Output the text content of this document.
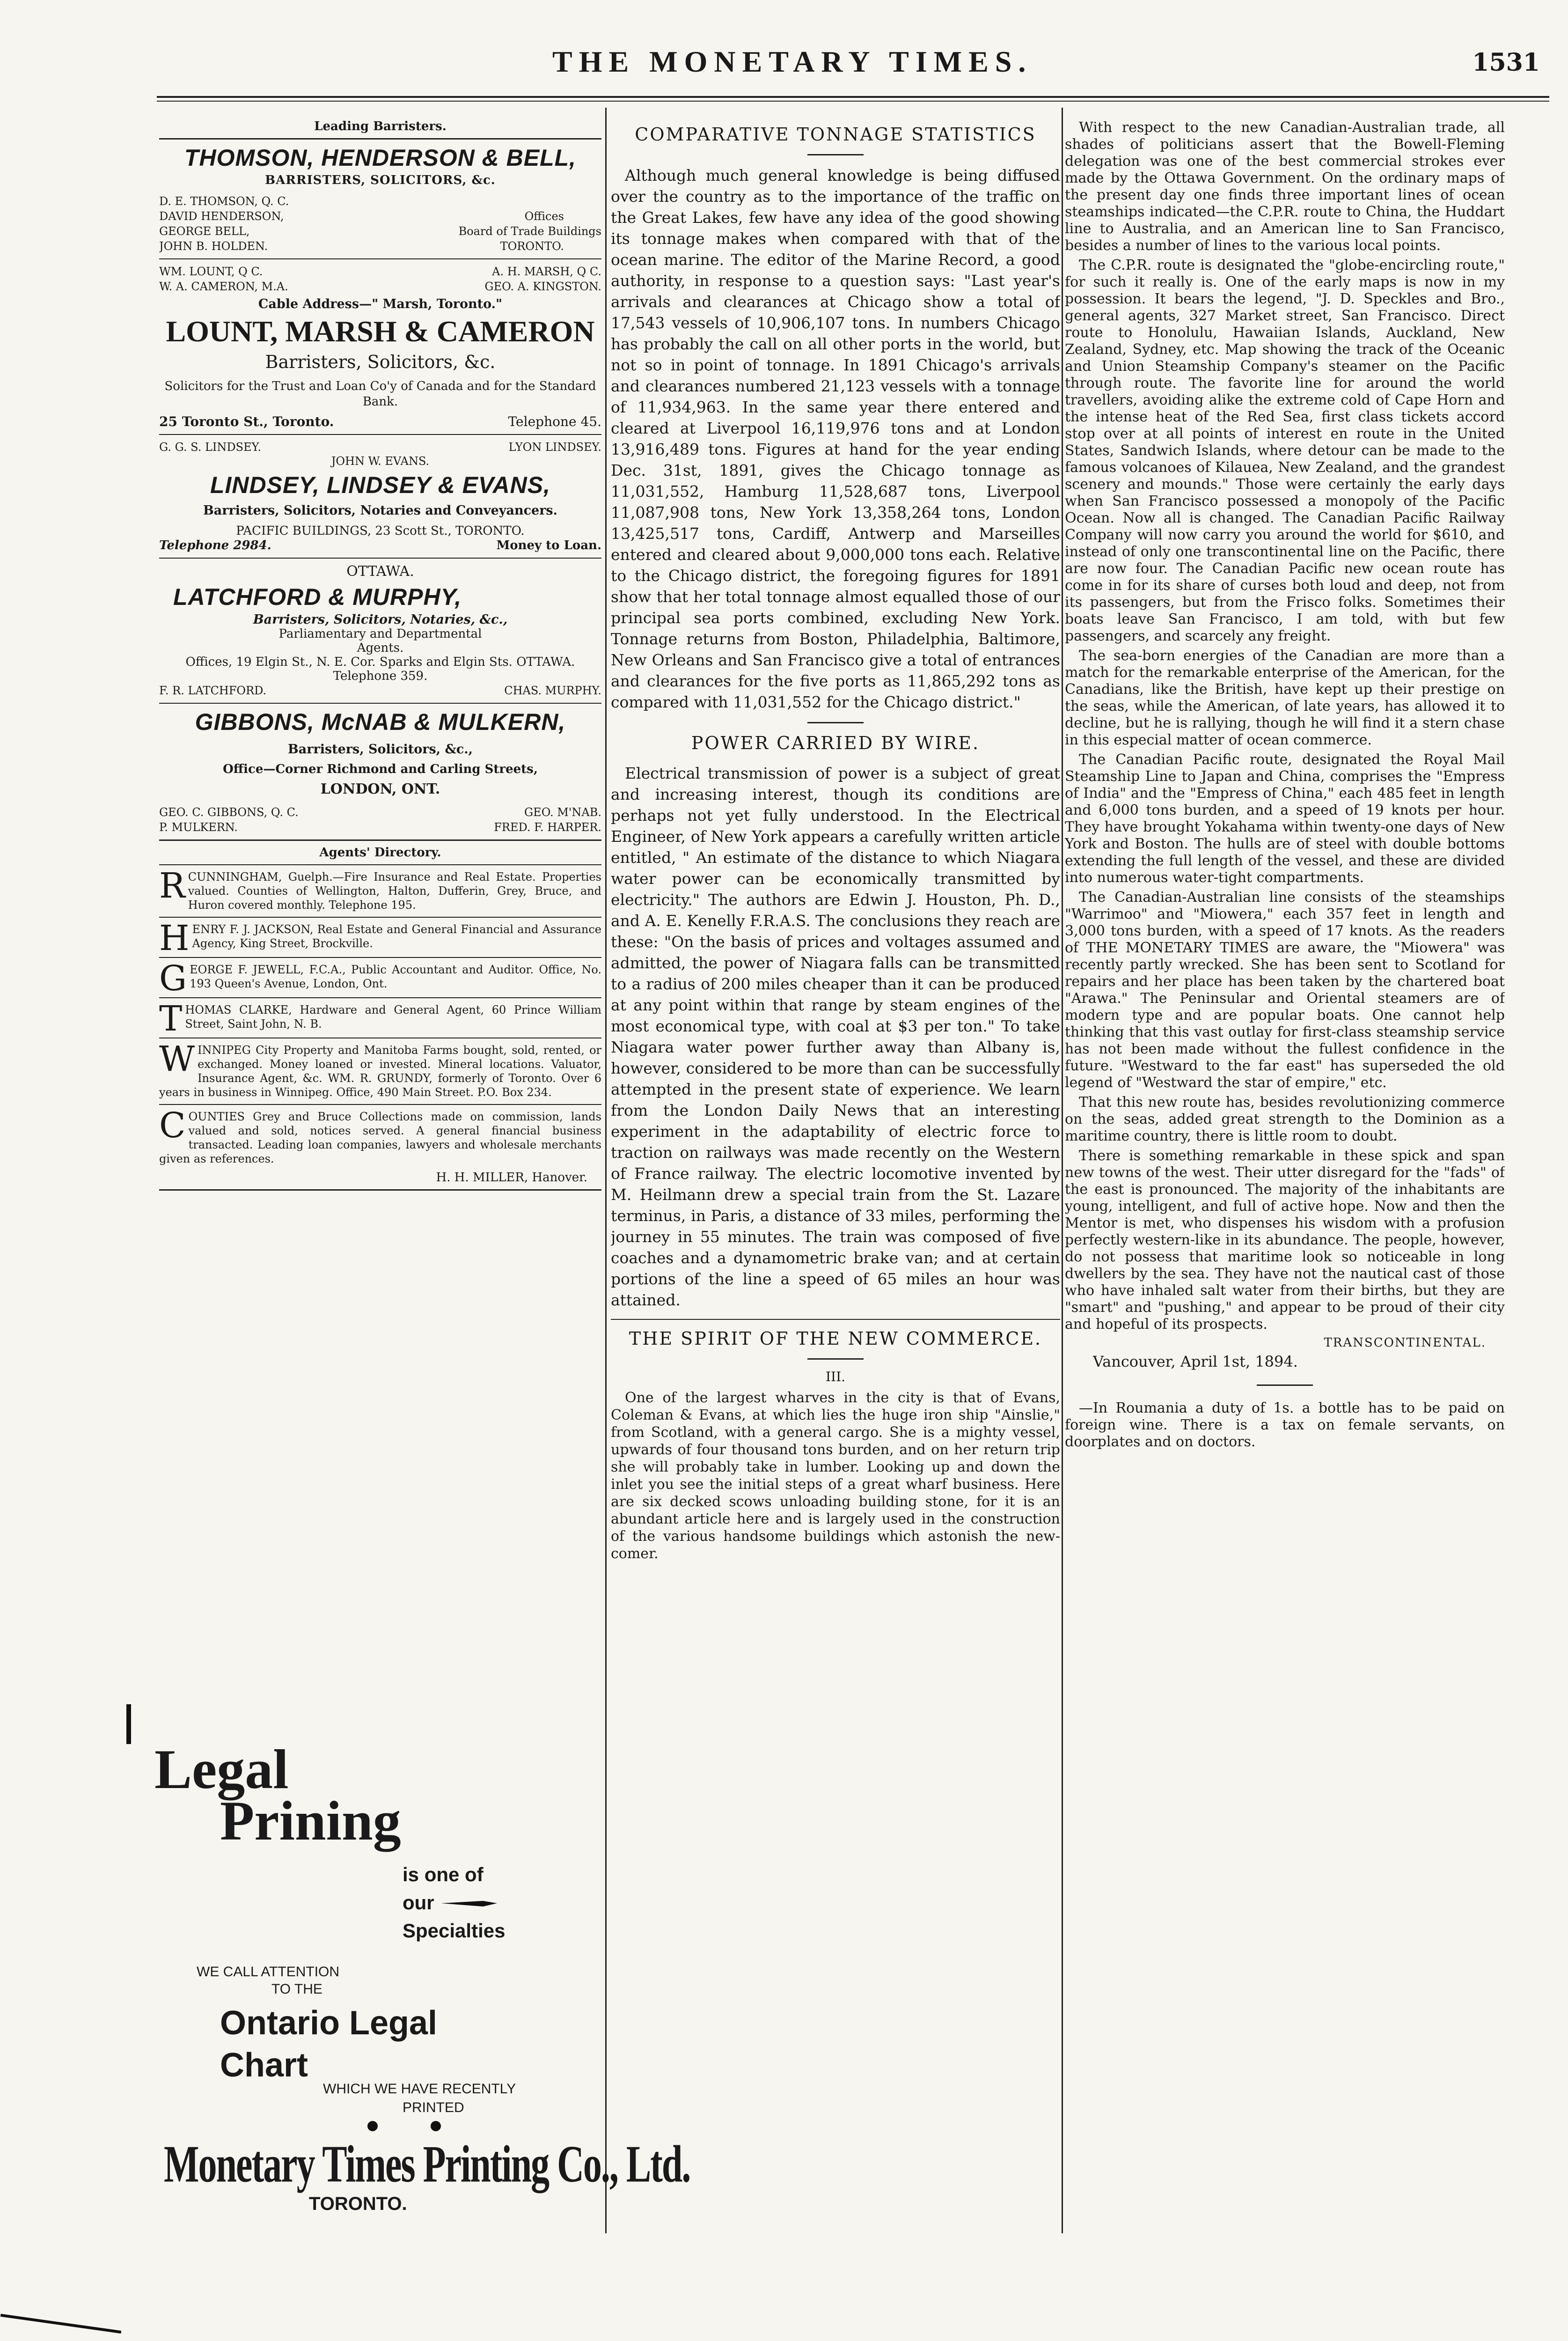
THE MONETARY TIMES.	1531
Leading Barristers.
THOMSON, HENDERSON & BELL,
BARRISTERS, SOLICITORS, &c.
D. E. THOMSON, Q. C.
DAVID HENDERSON,	Offices
GEORGE BELL,	Board of Trade Buildings
JOHN B. HOLDEN.	TORONTO.
WM. LOUNT, Q C.	A. H. MARSH, Q C.
W. A. CAMERON, M.A.	GEO. A. KINGSTON.
Cable Address—" Marsh, Toronto."
LOUNT, MARSH & CAMERON
Barristers, Solicitors, &c.
Solicitors for the Trust and Loan Co'y of Canada and for the Standard Bank.
25 Toronto St., Toronto.	Telephone 45.
G. G. S. LINDSEY.	LYON LINDSEY.
JOHN W. EVANS.
LINDSEY, LINDSEY & EVANS,
Barristers, Solicitors, Notaries and Conveyancers.
PACIFIC BUILDINGS, 23 Scott St., TORONTO.
Telephone 2984.	Money to Loan.
OTTAWA.
LATCHFORD & MURPHY,
Barristers, Solicitors, Notaries, &c.,
Parliamentary and Departmental Agents.
Offices, 19 Elgin St., N. E. Cor. Sparks and Elgin Sts. OTTAWA.
Telephone 359.
F. R. LATCHFORD.	CHAS. MURPHY.
GIBBONS, McNAB & MULKERN,
Barristers, Solicitors, &c.,
Office—Corner Richmond and Carling Streets,
LONDON, ONT.
GEO. C. GIBBONS, Q. C.	GEO. M'NAB.
P. MULKERN.	FRED. F. HARPER.
Agents' Directory.
RCUNNINGHAM, Guelph.—Fire Insurance and Real Estate. Properties valued. Counties of Wellington, Halton, Dufferin, Grey, Bruce, and Huron covered monthly. Telephone 195.
HENRY F. J. JACKSON, Real Estate and General Financial and Assurance Agency, King Street, Brockville.
GEORGE F. JEWELL, F.C.A., Public Accountant and Auditor. Office, No. 193 Queen's Avenue, London, Ont.
THOMAS CLARKE, Hardware and General Agent, 60 Prince William Street, Saint John, N. B.
WINNIPEG City Property and Manitoba Farms bought, sold, rented, or exchanged. Money loaned or invested. Mineral locations. Valuator, Insurance Agent, &c. WM. R. GRUNDY, formerly of Toronto. Over 6 years in business in Winnipeg. Office, 490 Main Street. P.O. Box 234.
COUNTIES Grey and Bruce Collections made on commission, lands valued and sold, notices served. A general financial business transacted. Leading loan companies, lawyers and wholesale merchants given as references.
H. H. MILLER, Hanover.
Legal
Prining
is one of
our
Specialties
WE CALL ATTENTION
TO THE
Ontario Legal
Chart
WHICH WE HAVE RECENTLY
PRINTED
Monetary Times Printing Co., Ltd.
TORONTO.
COMPARATIVE TONNAGE STATISTICS
Although much general knowledge is being diffused over the country as to the importance of the traffic on the Great Lakes, few have any idea of the good showing its tonnage makes when compared with that of the ocean marine. The editor of the Marine Record, a good authority, in response to a question says: "Last year's arrivals and clearances at Chicago show a total of 17,543 vessels of 10,906,107 tons. In numbers Chicago has probably the call on all other ports in the world, but not so in point of tonnage. In 1891 Chicago's arrivals and clearances numbered 21,123 vessels with a tonnage of 11,934,963. In the same year there entered and cleared at Liverpool 16,119,976 tons and at London 13,916,489 tons. Figures at hand for the year ending Dec. 31st, 1891, gives the Chicago tonnage as 11,031,552, Hamburg 11,528,687 tons, Liverpool 11,087,908 tons, New York 13,358,264 tons, London 13,425,517 tons, Cardiff, Antwerp and Marseilles entered and cleared about 9,000,000 tons each. Relative to the Chicago district, the foregoing figures for 1891 show that her total tonnage almost equalled those of our principal sea ports combined, excluding New York. Tonnage returns from Boston, Philadelphia, Baltimore, New Orleans and San Francisco give a total of entrances and clearances for the five ports as 11,865,292 tons as compared with 11,031,552 for the Chicago district."
POWER CARRIED BY WIRE.
Electrical transmission of power is a subject of great and increasing interest, though its conditions are perhaps not yet fully understood. In the Electrical Engineer, of New York appears a carefully written article entitled, " An estimate of the distance to which Niagara water power can be economically transmitted by electricity." The authors are Edwin J. Houston, Ph. D., and A. E. Kenelly F.R.A.S. The conclusions they reach are these: "On the basis of prices and voltages assumed and admitted, the power of Niagara falls can be transmitted to a radius of 200 miles cheaper than it can be produced at any point within that range by steam engines of the most economical type, with coal at $3 per ton." To take Niagara water power further away than Albany is, however, considered to be more than can be successfully attempted in the present state of experience. We learn from the London Daily News that an interesting experiment in the adaptability of electric force to traction on railways was made recently on the Western of France railway. The electric locomotive invented by M. Heilmann drew a special train from the St. Lazare terminus, in Paris, a distance of 33 miles, performing the journey in 55 minutes. The train was composed of five coaches and a dynamometric brake van; and at certain portions of the line a speed of 65 miles an hour was attained.
THE SPIRIT OF THE NEW COMMERCE.
III.
One of the largest wharves in the city is that of Evans, Coleman & Evans, at which lies the huge iron ship "Ainslie," from Scotland, with a general cargo. She is a mighty vessel, upwards of four thousand tons burden, and on her return trip she will probably take in lumber. Looking up and down the inlet you see the initial steps of a great wharf business. Here are six decked scows unloading building stone, for it is an abundant article here and is largely used in the construction of the various handsome buildings which astonish the new-comer.
With respect to the new Canadian-Australian trade, all shades of politicians assert that the Bowell-Fleming delegation was one of the best commercial strokes ever made by the Ottawa Government. On the ordinary maps of the present day one finds three important lines of ocean steamships indicated—the C.P.R. route to China, the Huddart line to Australia, and an American line to San Francisco, besides a number of lines to the various local points.
The C.P.R. route is designated the "globe-encircling route," for such it really is. One of the early maps is now in my possession. It bears the legend, "J. D. Speckles and Bro., general agents, 327 Market street, San Francisco. Direct route to Honolulu, Hawaiian Islands, Auckland, New Zealand, Sydney, etc. Map showing the track of the Oceanic and Union Steamship Company's steamer on the Pacific through route. The favorite line for around the world travellers, avoiding alike the extreme cold of Cape Horn and the intense heat of the Red Sea, first class tickets accord stop over at all points of interest en route in the United States, Sandwich Islands, where detour can be made to the famous volcanoes of Kilauea, New Zealand, and the grandest scenery and mounds." Those were certainly the early days when San Francisco possessed a monopoly of the Pacific Ocean. Now all is changed. The Canadian Pacific Railway Company will now carry you around the world for $610, and instead of only one transcontinental line on the Pacific, there are now four. The Canadian Pacific new ocean route has come in for its share of curses both loud and deep, not from its passengers, but from the Frisco folks. Sometimes their boats leave San Francisco, I am told, with but few passengers, and scarcely any freight.
The sea-born energies of the Canadian are more than a match for the remarkable enterprise of the American, for the Canadians, like the British, have kept up their prestige on the seas, while the American, of late years, has allowed it to decline, but he is rallying, though he will find it a stern chase in this especial matter of ocean commerce.
The Canadian Pacific route, designated the Royal Mail Steamship Line to Japan and China, comprises the "Empress of India" and the "Empress of China," each 485 feet in length and 6,000 tons burden, and a speed of 19 knots per hour. They have brought Yokahama within twenty-one days of New York and Boston. The hulls are of steel with double bottoms extending the full length of the vessel, and these are divided into numerous water-tight compartments.
The Canadian-Australian line consists of the steamships "Warrimoo" and "Miowera," each 357 feet in length and 3,000 tons burden, with a speed of 17 knots. As the readers of THE MONETARY TIMES are aware, the "Miowera" was recently partly wrecked. She has been sent to Scotland for repairs and her place has been taken by the chartered boat "Arawa." The Peninsular and Oriental steamers are of modern type and are popular boats. One cannot help thinking that this vast outlay for first-class steamship service has not been made without the fullest confidence in the future. "Westward to the far east" has superseded the old legend of "Westward the star of empire," etc.
That this new route has, besides revolutionizing commerce on the seas, added great strength to the Dominion as a maritime country, there is little room to doubt.
There is something remarkable in these spick and span new towns of the west. Their utter disregard for the "fads" of the east is pronounced. The majority of the inhabitants are young, intelligent, and full of active hope. Now and then the Mentor is met, who dispenses his wisdom with a profusion perfectly western-like in its abundance. The people, however, do not possess that maritime look so noticeable in long dwellers by the sea. They have not the nautical cast of those who have inhaled salt water from their births, but they are "smart" and "pushing," and appear to be proud of their city and hopeful of its prospects.
TRANSCONTINENTAL.
Vancouver, April 1st, 1894.
—In Roumania a duty of 1s. a bottle has to be paid on foreign wine. There is a tax on female servants, on doorplates and on doctors.
